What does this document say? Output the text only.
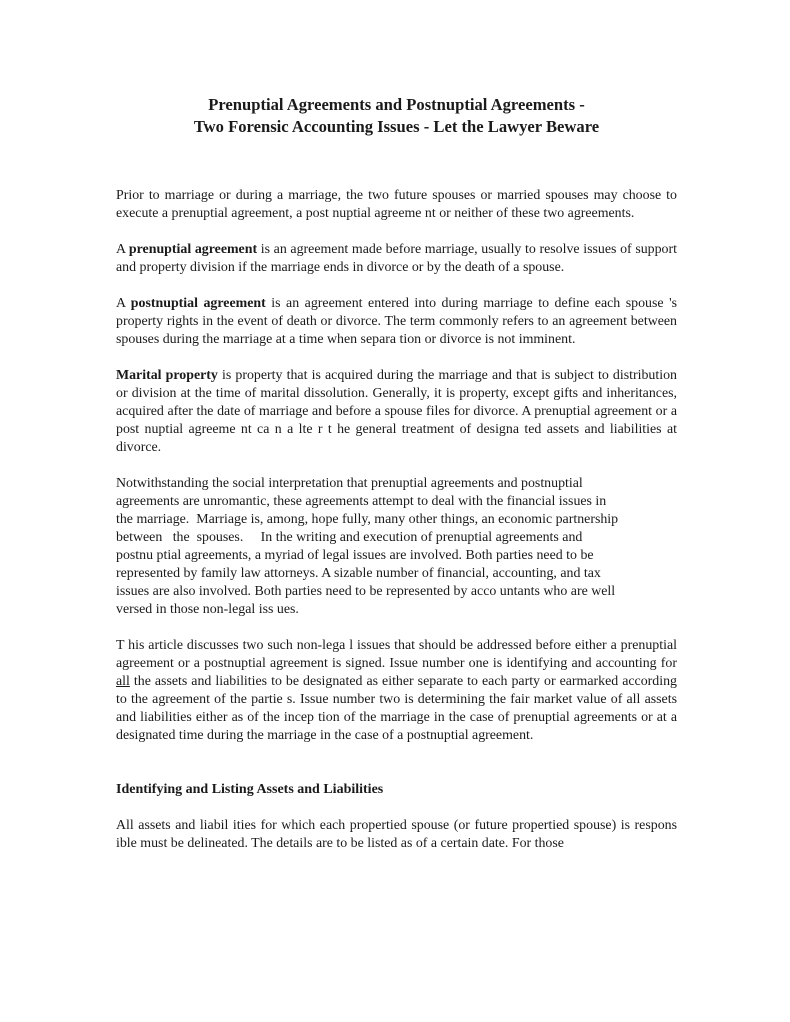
Prenuptial Agreements and Postnuptial Agreements -

Two Forensic Accounting Issues - Let the Lawyer Beware

Prior to marriage or during a marriage, the two future spouses or married spouses may choose to execute a prenuptial agreement, a post nuptial agreeme nt or neither of these two agreements.

A prenuptial agreement is an agreement made before marriage, usually to resolve issues of support and property division if the marriage ends in divorce or by the death of a spouse.

A postnuptial agreement is an agreement entered into during marriage to define each spouse 's property rights in the event of death or divorce. The term commonly refers to an agreement between spouses during the marriage at a time when separa tion or divorce is not imminent.

Marital property is property that is acquired during the marriage and that is subject to distribution or division at the time of marital dissolution. Generally, it is property, except gifts and inheritances, acquired after the date of marriage and before a spouse files for divorce. A prenuptial agreement or a post nuptial agreeme nt ca n a lte r t he general treatment of designa ted assets and liabilities at divorce.

Notwithstanding the social interpretation that prenuptial agreements and postnuptial
agreements are unromantic, these agreements attempt to deal with the financial issues in
the marriage.  Marriage is, among, hope fully, many other things, an economic partnership
between   the  spouses.     In the writing and execution of prenuptial agreements and
postnu ptial agreements, a myriad of legal issues are involved. Both parties need to be
represented by family law attorneys. A sizable number of financial, accounting, and tax
issues are also involved. Both parties need to be represented by acco untants who are well
versed in those non-legal iss ues.

T his article discusses two such non-lega l issues that should be addressed before either a prenuptial agreement or a postnuptial agreement is signed. Issue number one is identifying and accounting for all the assets and liabilities to be designated as either separate to each party or earmarked according to the agreement of the partie s. Issue number two is determining the fair market value of all assets and liabilities either as of the incep tion of the marriage in the case of prenuptial agreements or at a designated time during the marriage in the case of a postnuptial agreement.

Identifying and Listing Assets and Liabilities

All assets and liabil ities for which each propertied spouse (or future propertied spouse) is respons ible must be delineated. The details are to be listed as of a certain date. For those
